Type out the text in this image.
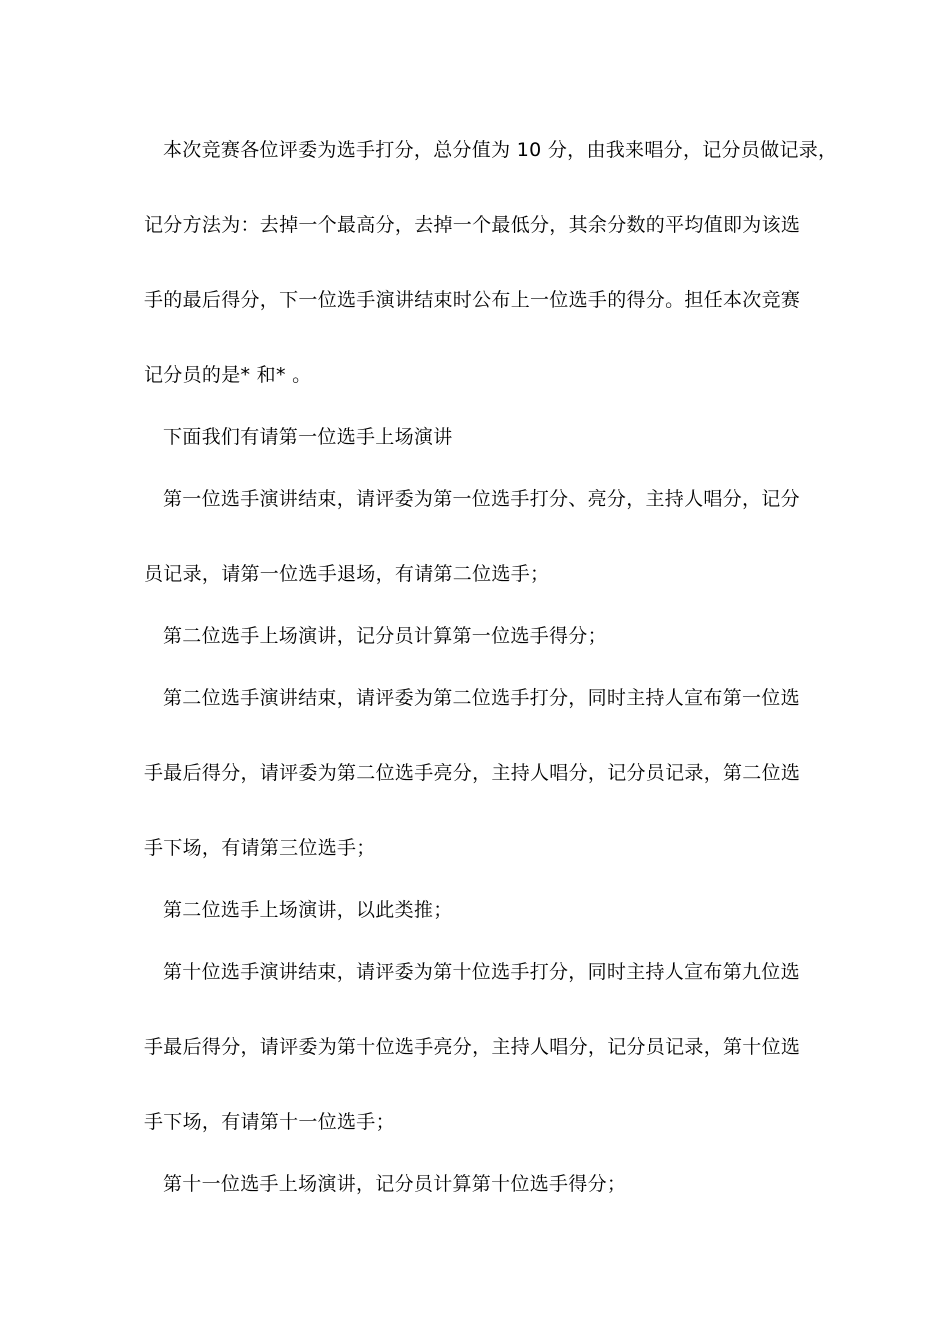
本次竞赛各位评委为选手打分，总分值为 10 分，由我来唱分，记分员做记录，
记分方法为：去掉一个最高分，去掉一个最低分，其余分数的平均值即为该选
手的最后得分，下一位选手演讲结束时公布上一位选手的得分。担任本次竞赛
记分员的是* 和* 。
下面我们有请第一位选手上场演讲
第一位选手演讲结束，请评委为第一位选手打分、亮分，主持人唱分，记分
员记录，请第一位选手退场，有请第二位选手；
第二位选手上场演讲，记分员计算第一位选手得分；
第二位选手演讲结束，请评委为第二位选手打分，同时主持人宣布第一位选
手最后得分，请评委为第二位选手亮分，主持人唱分，记分员记录，第二位选
手下场，有请第三位选手；
第二位选手上场演讲，以此类推；
第十位选手演讲结束，请评委为第十位选手打分，同时主持人宣布第九位选
手最后得分，请评委为第十位选手亮分，主持人唱分，记分员记录，第十位选
手下场，有请第十一位选手；
第十一位选手上场演讲，记分员计算第十位选手得分；
